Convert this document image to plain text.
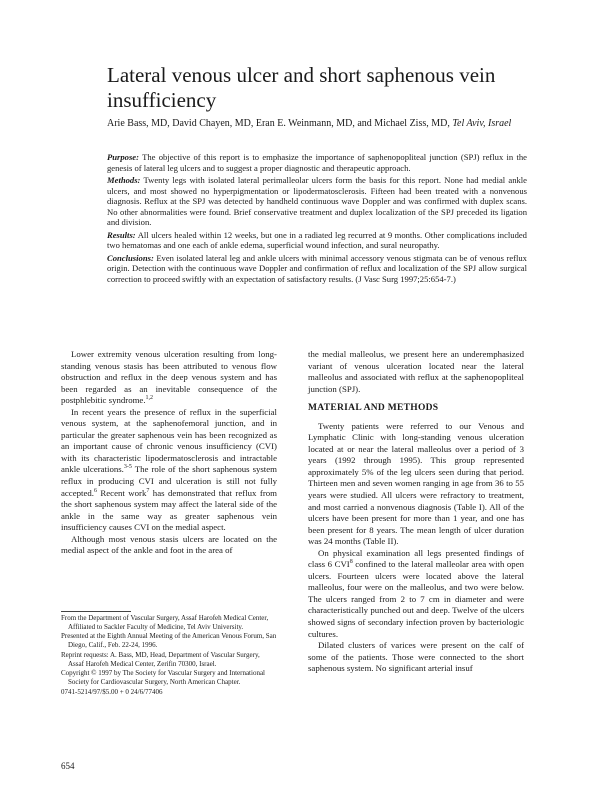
Lateral venous ulcer and short saphenous vein insufficiency

Arie Bass, MD, David Chayen, MD, Eran E. Weinmann, MD, and Michael Ziss, MD, Tel Aviv, Israel

Purpose: The objective of this report is to emphasize the importance of saphenopopliteal junction (SPJ) reflux in the genesis of lateral leg ulcers and to suggest a proper diagnostic and therapeutic approach.

Methods: Twenty legs with isolated lateral perimalleolar ulcers form the basis for this report. None had medial ankle ulcers, and most showed no hyperpigmentation or lipodermatosclerosis. Fifteen had been treated with a nonvenous diagnosis. Reflux at the SPJ was detected by handheld continuous wave Doppler and was confirmed with duplex scans. No other abnormalities were found. Brief conservative treatment and duplex localization of the SPJ preceded its ligation and division.

Results: All ulcers healed within 12 weeks, but one in a radiated leg recurred at 9 months. Other complications included two hematomas and one each of ankle edema, superficial wound infection, and sural neuropathy.

Conclusions: Even isolated lateral leg and ankle ulcers with minimal accessory venous stigmata can be of venous reflux origin. Detection with the continuous wave Doppler and confirmation of reflux and localization of the SPJ allow surgical correction to proceed swiftly with an expectation of satisfactory results. (J Vasc Surg 1997;25:654-7.)

Lower extremity venous ulceration resulting from long-standing venous stasis has been attributed to venous flow obstruction and reflux in the deep venous system and has been regarded as an inevitable consequence of the postphlebitic syndrome.$^{1,2}$

In recent years the presence of reflux in the superficial venous system, at the saphenofemoral junction, and in particular the greater saphenous vein has been recognized as an important cause of chronic venous insufficiency (CVI) with its characteristic lipodermatosclerosis and intractable ankle ulcerations.$^{3-5}$ The role of the short saphenous system reflux in producing CVI and ulceration is still not fully accepted.$^6$ Recent work$^7$ has demonstrated that reflux from the short saphenous system may affect the lateral side of the ankle in the same way as greater saphenous vein insufficiency causes CVI on the medial aspect.

Although most venous stasis ulcers are located on the medial aspect of the ankle and foot in the area of

From the Department of Vascular Surgery, Assaf Harofeh Medical Center, Affiliated to Sackler Faculty of Medicine, Tel Aviv University.

Presented at the Eighth Annual Meeting of the American Venous Forum, San Diego, Calif., Feb. 22-24, 1996.

Reprint requests: A. Bass, MD, Head, Department of Vascular Surgery, Assaf Harofeh Medical Center, Zerifin 70300, Israel.

Copyright © 1997 by The Society for Vascular Surgery and International Society for Cardiovascular Surgery, North American Chapter.

0741-5214/97/$5.00 + 0 24/6/77406

654

the medial malleolus, we present here an underemphasized variant of venous ulceration located near the lateral malleolus and associated with reflux at the saphenopopliteal junction (SPJ).

MATERIAL AND METHODS

Twenty patients were referred to our Venous and Lymphatic Clinic with long-standing venous ulceration located at or near the lateral malleolus over a period of 3 years (1992 through 1995). This group represented approximately 5% of the leg ulcers seen during that period. Thirteen men and seven women ranging in age from 36 to 55 years were studied. All ulcers were refractory to treatment, and most carried a nonvenous diagnosis (Table I). All of the ulcers have been present for more than 1 year, and one has been present for 8 years. The mean length of ulcer duration was 24 months (Table II).

On physical examination all legs presented findings of class 6 CVI$^8$ confined to the lateral malleolar area with open ulcers. Fourteen ulcers were located above the lateral malleolus, four were on the malleolus, and two were below. The ulcers ranged from 2 to 7 cm in diameter and were characteristically punched out and deep. Twelve of the ulcers showed signs of secondary infection proven by bacteriologic cultures.

Dilated clusters of varices were present on the calf of some of the patients. Those were connected to the short saphenous system. No significant arterial insuf
